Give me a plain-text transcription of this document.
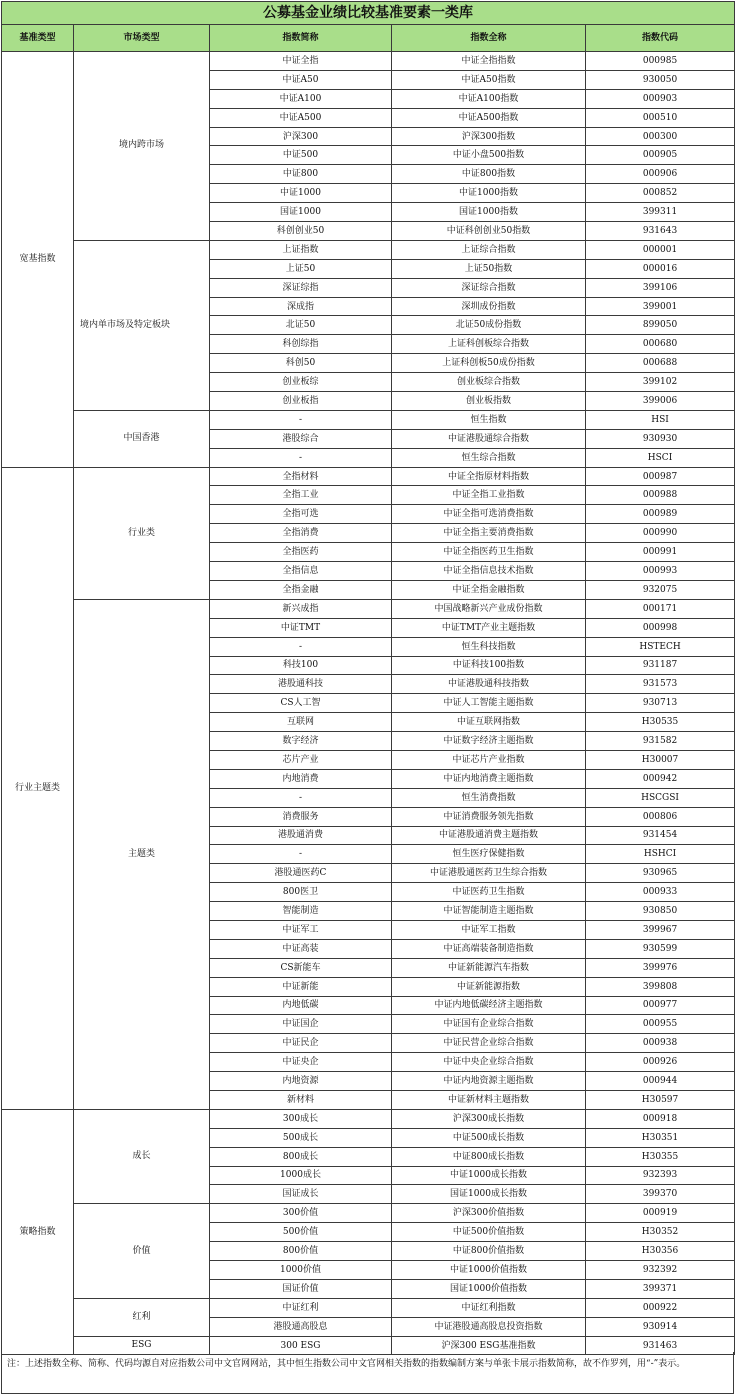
公募基金业绩比较基准要素一类库				
基准类型	市场类型	指数简称	指数全称	指数代码
宽基指数	境内跨市场	中证全指	中证全指指数	000985
		中证A50	中证A50指数	930050
		中证A100	中证A100指数	000903
		中证A500	中证A500指数	000510
		沪深300	沪深300指数	000300
		中证500	中证小盘500指数	000905
		中证800	中证800指数	000906
		中证1000	中证1000指数	000852
		国证1000	国证1000指数	399311
		科创创业50	中证科创创业50指数	931643
	境内单市场及特定板块	上证指数	上证综合指数	000001
		上证50	上证50指数	000016
		深证综指	深证综合指数	399106
		深成指	深圳成份指数	399001
		北证50	北证50成份指数	899050
		科创综指	上证科创板综合指数	000680
		科创50	上证科创板50成份指数	000688
		创业板综	创业板综合指数	399102
		创业板指	创业板指数	399006
	中国香港	-	恒生指数	HSI
		港股综合	中证港股通综合指数	930930
		-	恒生综合指数	HSCI
行业主题类	行业类	全指材料	中证全指原材料指数	000987
		全指工业	中证全指工业指数	000988
		全指可选	中证全指可选消费指数	000989
		全指消费	中证全指主要消费指数	000990
		全指医药	中证全指医药卫生指数	000991
		全指信息	中证全指信息技术指数	000993
		全指金融	中证全指金融指数	932075
	主题类	新兴成指	中国战略新兴产业成份指数	000171
		中证TMT	中证TMT产业主题指数	000998
		-	恒生科技指数	HSTECH
		科技100	中证科技100指数	931187
		港股通科技	中证港股通科技指数	931573
		CS人工智	中证人工智能主题指数	930713
		互联网	中证互联网指数	H30535
		数字经济	中证数字经济主题指数	931582
		芯片产业	中证芯片产业指数	H30007
		内地消费	中证内地消费主题指数	000942
		-	恒生消费指数	HSCGSI
		消费服务	中证消费服务领先指数	000806
		港股通消费	中证港股通消费主题指数	931454
		-	恒生医疗保健指数	HSHCI
		港股通医药C	中证港股通医药卫生综合指数	930965
		800医卫	中证医药卫生指数	000933
		智能制造	中证智能制造主题指数	930850
		中证军工	中证军工指数	399967
		中证高装	中证高端装备制造指数	930599
		CS新能车	中证新能源汽车指数	399976
		中证新能	中证新能源指数	399808
		内地低碳	中证内地低碳经济主题指数	000977
		中证国企	中证国有企业综合指数	000955
		中证民企	中证民营企业综合指数	000938
		中证央企	中证中央企业综合指数	000926
		内地资源	中证内地资源主题指数	000944
		新材料	中证新材料主题指数	H30597
策略指数	成长	300成长	沪深300成长指数	000918
		500成长	中证500成长指数	H30351
		800成长	中证800成长指数	H30355
		1000成长	中证1000成长指数	932393
		国证成长	国证1000成长指数	399370
	价值	300价值	沪深300价值指数	000919
		500价值	中证500价值指数	H30352
		800价值	中证800价值指数	H30356
		1000价值	中证1000价值指数	932392
		国证价值	国证1000价值指数	399371
	红利	中证红利	中证红利指数	000922
		港股通高股息	中证港股通高股息投资指数	930914
	ESG	300 ESG	沪深300 ESG基准指数	931463
注：上述指数全称、简称、代码均源自对应指数公司中文官网网站，其中恒生指数公司中文官网相关指数的指数编制方案与单张卡展示指数简称，故不作罗列，用“-”表示。
